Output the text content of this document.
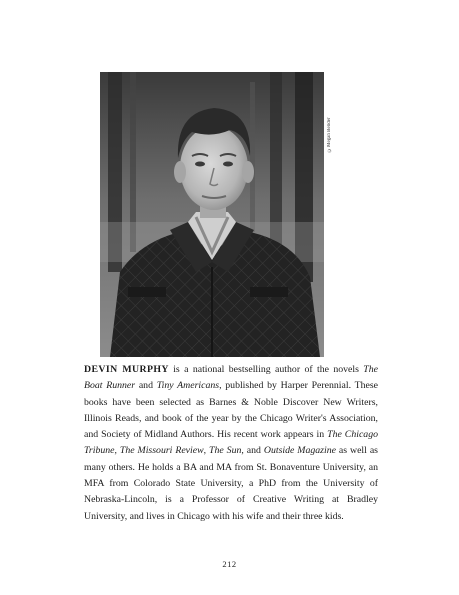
©Megan Bender

DEVIN MURPHY is a national bestselling author of the novels The Boat Runner and Tiny Americans, published by Harper Perennial. These books have been selected as Barnes & Noble Discover New Writers, Illinois Reads, and book of the year by the Chicago Writer's Association, and Society of Midland Authors. His recent work appears in The Chicago Tribune, The Missouri Review, The Sun, and Outside Magazine as well as many others. He holds a BA and MA from St. Bonaventure University, an MFA from Colorado State University, a PhD from the University of Nebraska-Lincoln, is a Professor of Creative Writing at Bradley University, and lives in Chicago with his wife and their three kids.

212
